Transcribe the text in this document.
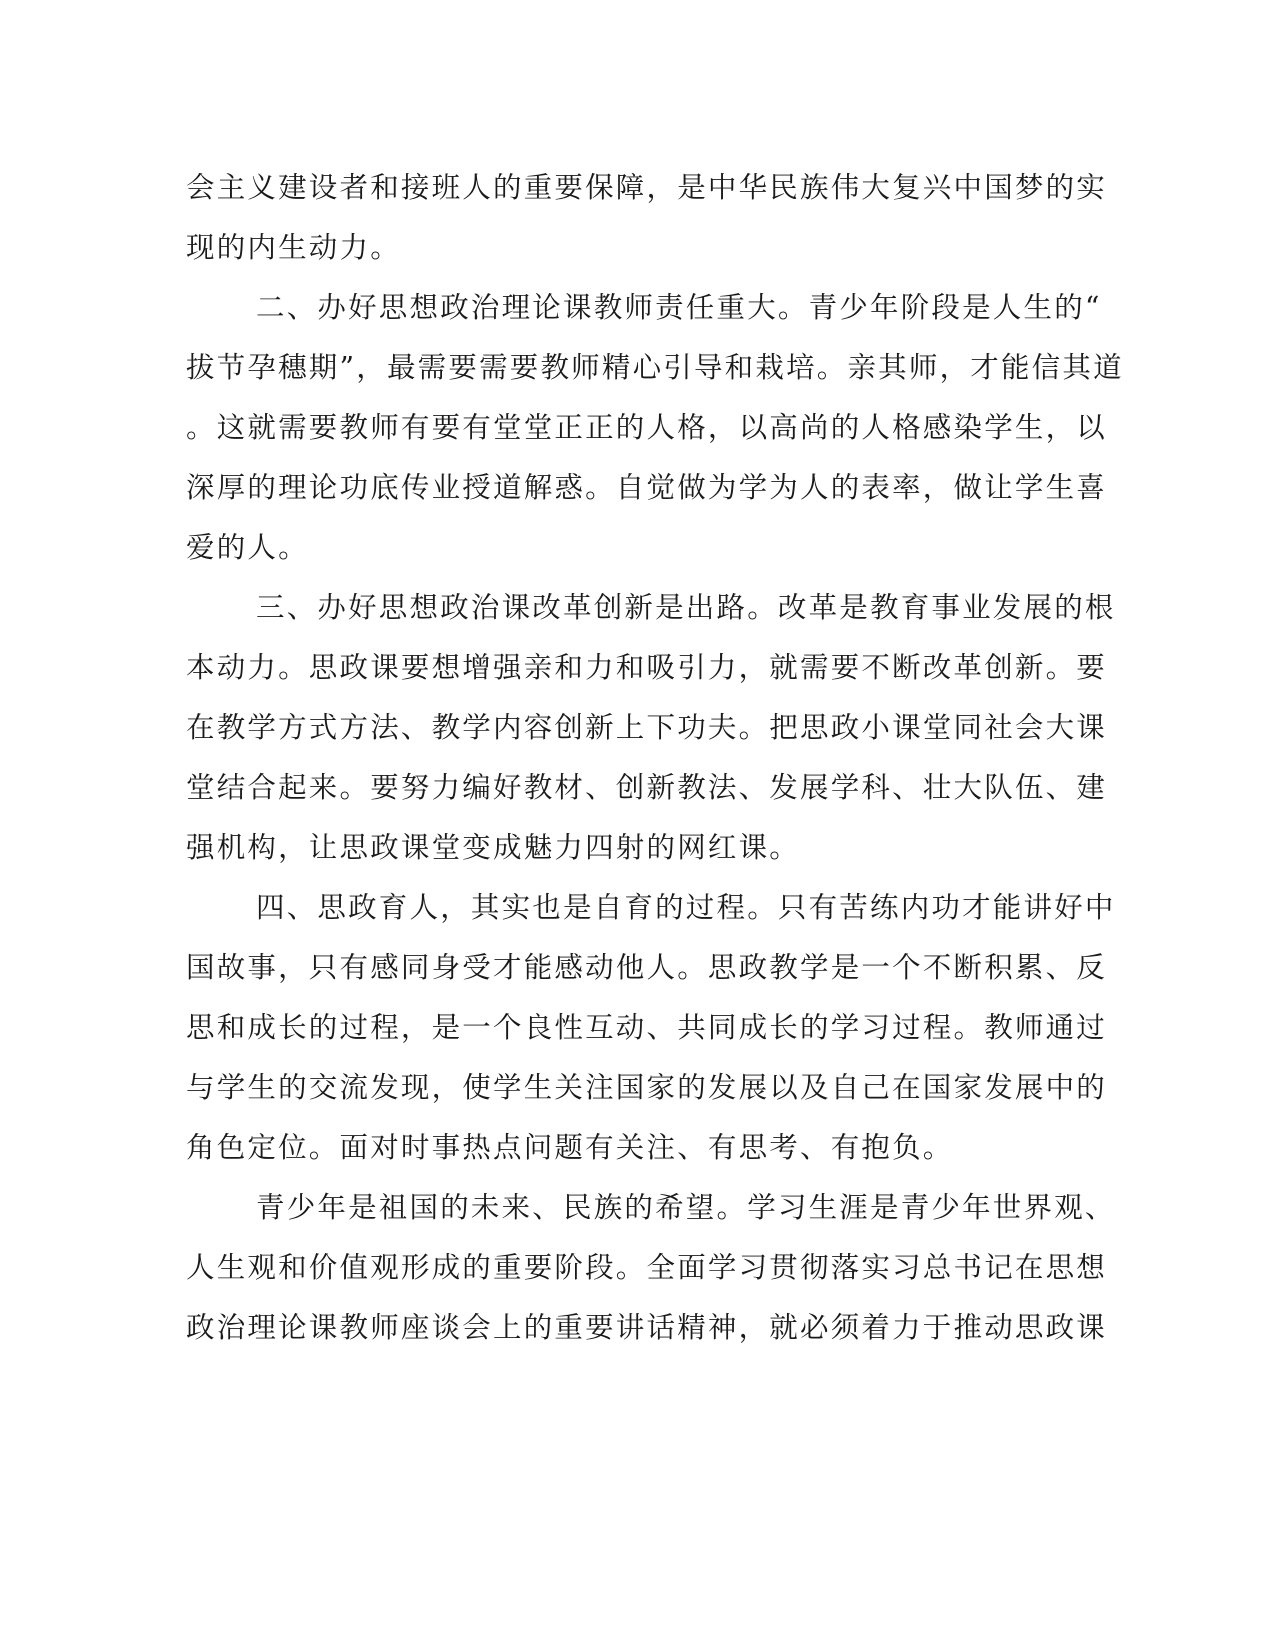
会主义建设者和接班人的重要保障，是中华民族伟大复兴中国梦的实
现的内生动力。
二、办好思想政治理论课教师责任重大。青少年阶段是人生的“
拔节孕穗期”，最需要需要教师精心引导和栽培。亲其师，才能信其道
。这就需要教师有要有堂堂正正的人格，以高尚的人格感染学生，以
深厚的理论功底传业授道解惑。自觉做为学为人的表率，做让学生喜
爱的人。
三、办好思想政治课改革创新是出路。改革是教育事业发展的根
本动力。思政课要想增强亲和力和吸引力，就需要不断改革创新。要
在教学方式方法、教学内容创新上下功夫。把思政小课堂同社会大课
堂结合起来。要努力编好教材、创新教法、发展学科、壮大队伍、建
强机构，让思政课堂变成魅力四射的网红课。
四、思政育人，其实也是自育的过程。只有苦练内功才能讲好中
国故事，只有感同身受才能感动他人。思政教学是一个不断积累、反
思和成长的过程，是一个良性互动、共同成长的学习过程。教师通过
与学生的交流发现，使学生关注国家的发展以及自己在国家发展中的
角色定位。面对时事热点问题有关注、有思考、有抱负。
青少年是祖国的未来、民族的希望。学习生涯是青少年世界观、
人生观和价值观形成的重要阶段。全面学习贯彻落实习总书记在思想
政治理论课教师座谈会上的重要讲话精神，就必须着力于推动思政课
